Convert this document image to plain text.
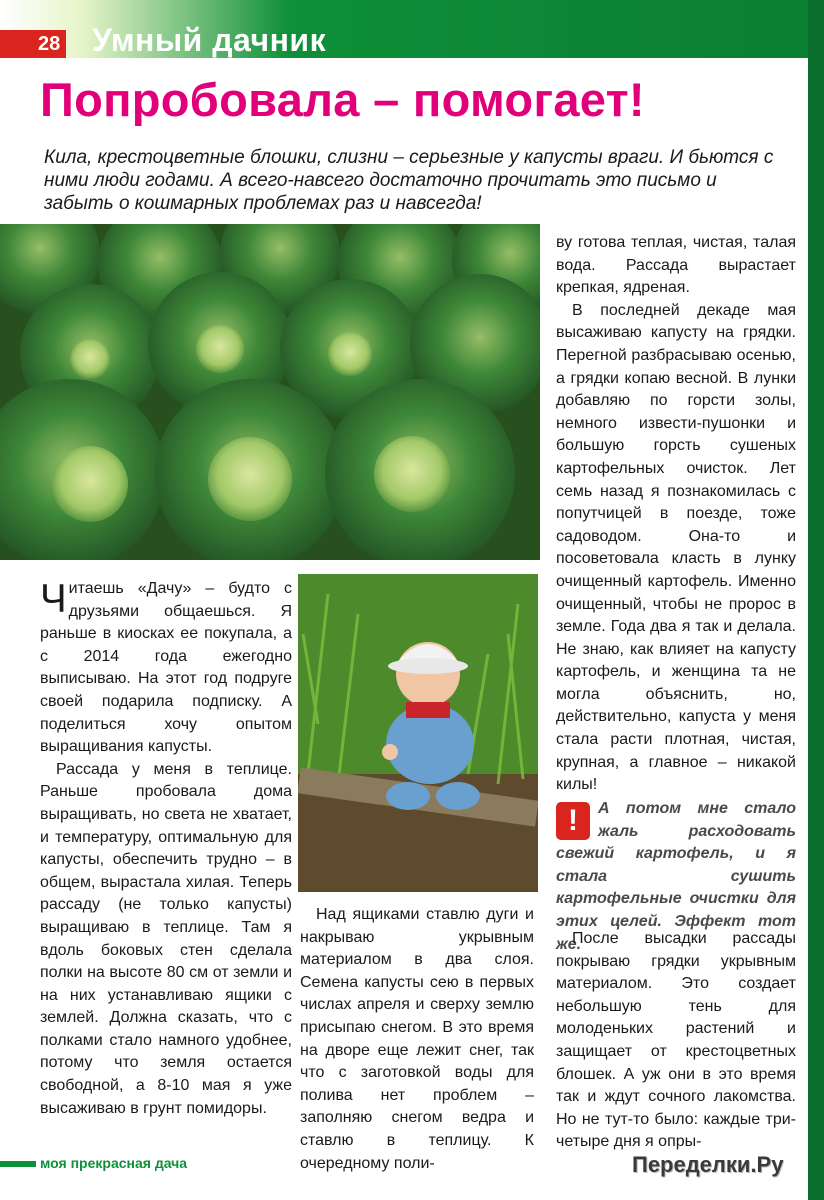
28 Умный дачник
Попробовала – помогает!
Кила, крестоцветные блошки, слизни – серьезные у капусты враги. И бьются с ними люди годами. А всего-навсего достаточно прочитать это письмо и забыть о кошмарных проблемах раз и навсегда!

Читаешь «Дачу» – будто с друзьями общаешься. Я раньше в киосках ее покупала, а с 2014 года ежегодно выписываю. На этот год подруге своей подарила подписку. А поделиться хочу опытом выращивания капусты.

Рассада у меня в теплице. Раньше пробовала дома выращивать, но света не хватает, и температуру, оптимальную для капусты, обеспечить трудно – в общем, вырастала хилая. Теперь рассаду (не только капусты) выращиваю в теплице. Там я вдоль боковых стен сделала полки на высоте 80 см от земли и на них устанавливаю ящики с землей. Должна сказать, что с полками стало намного удобнее, потому что земля остается свободной, а 8-10 мая я уже высаживаю в грунт помидоры.

Над ящиками ставлю дуги и накрываю укрывным материалом в два слоя. Семена капусты сею в первых числах апреля и сверху землю присыпаю снегом. В это время на дворе еще лежит снег, так что с заготовкой воды для полива нет проблем – заполняю снегом ведра и ставлю в теплицу. К очередному поли-

ву готова теплая, чистая, талая вода. Рассада вырастает крепкая, ядреная.

В последней декаде мая высаживаю капусту на грядки. Перегной разбрасываю осенью, а грядки копаю весной. В лунки добавляю по горсти золы, немного извести-пушонки и большую горсть сушеных картофельных очисток. Лет семь назад я познакомилась с попутчицей в поезде, тоже садоводом. Она-то и посоветовала класть в лунку очищенный картофель. Именно очищенный, чтобы не пророс в земле. Года два я так и делала. Не знаю, как влияет на капусту картофель, и женщина та не могла объяснить, но, действительно, капуста у меня стала расти плотная, чистая, крупная, а главное – никакой килы!

!	А потом мне стало жаль расходовать свежий картофель, и я стала сушить картофельные очистки для этих целей. Эффект тот же.

После высадки рассады покрываю грядки укрывным материалом. Это создает небольшую тень для молоденьких растений и защищает от крестоцветных блошек. А уж они в это время так и ждут сочного лакомства. Но не тут-то было: каждые три-четыре дня я опры-

моя прекрасная дача	Переделки.Ру
